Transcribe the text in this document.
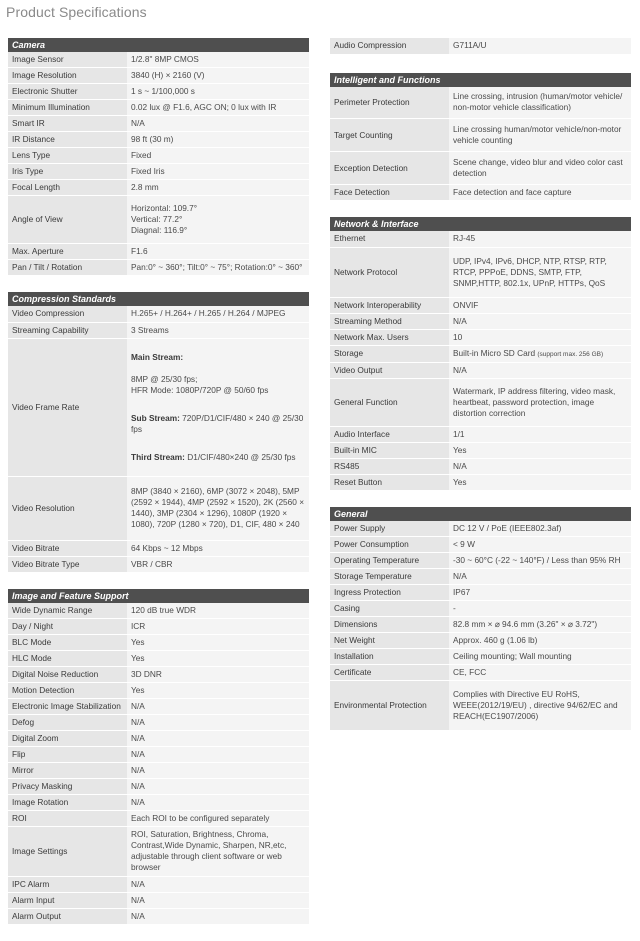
Product Specifications
Camera
Image Sensor	1/2.8" 8MP CMOS
Image Resolution	3840 (H) × 2160 (V)
Electronic Shutter	1 s ~ 1/100,000 s
Minimum Illumination	0.02 lux @ F1.6, AGC ON; 0 lux with IR
Smart IR	N/A
IR Distance	98 ft (30 m)
Lens Type	Fixed
Iris Type	Fixed Iris
Focal Length	2.8 mm
Angle of View	Horizontal: 109.7°
Vertical: 77.2°
Diagnal: 116.9°
Max. Aperture	F1.6
Pan / Tilt / Rotation	Pan:0° ~ 360°; Tilt:0° ~ 75°; Rotation:0° ~ 360°
Compression Standards
Video Compression	H.265+ / H.264+ / H.265 / H.264 / MJPEG
Streaming Capability	3 Streams
Video Frame Rate	Main Stream:

8MP @ 25/30 fps;
HFR Mode: 1080P/720P @ 50/60 fps

Sub Stream: 720P/D1/CIF/480 × 240 @ 25/30 fps

Third Stream: D1/CIF/480×240 @ 25/30 fps

Video Resolution	8MP (3840 × 2160), 6MP (3072 × 2048), 5MP (2592 × 1944), 4MP (2592 × 1520), 2K (2560 × 1440), 3MP (2304 × 1296), 1080P (1920 × 1080), 720P (1280 × 720), D1, CIF, 480 × 240
Video Bitrate	64 Kbps ~ 12 Mbps
Video Bitrate Type	VBR / CBR
Image and Feature Support
Wide Dynamic Range	120 dB true WDR
Day / Night	ICR
BLC Mode	Yes
HLC Mode	Yes
Digital Noise Reduction	3D DNR
Motion Detection	Yes
Electronic Image Stabilization	N/A
Defog	N/A
Digital Zoom	N/A
Flip	N/A
Mirror	N/A
Privacy Masking	N/A
Image Rotation	N/A
ROI	Each ROI to be configured separately
Image Settings	ROI, Saturation, Brightness, Chroma, Contrast,Wide Dynamic, Sharpen, NR,etc, adjustable through client software or web browser
IPC Alarm	N/A
Alarm Input	N/A
Alarm Output	N/A
Audio Compression	G711A/U
Intelligent and Functions
Perimeter Protection	Line crossing, intrusion (human/motor vehicle/ non-motor vehicle classification)
Target Counting	Line crossing human/motor vehicle/non-motor vehicle counting
Exception Detection	Scene change, video blur and video color cast detection
Face Detection	Face detection and face capture
Network & Interface
Ethernet	RJ-45
Network Protocol	UDP, IPv4, IPv6, DHCP, NTP, RTSP, RTP, RTCP, PPPoE, DDNS, SMTP, FTP, SNMP,HTTP, 802.1x, UPnP, HTTPs, QoS
Network Interoperability	ONVIF
Streaming Method	N/A
Network Max. Users	10
Storage	Built-in Micro SD Card (support max. 256 GB)
Video Output	N/A
General Function	Watermark, IP address filtering, video mask, heartbeat, password protection, image distortion correction
Audio Interface	1/1
Built-in MIC	Yes
RS485	N/A
Reset Button	Yes
General
Power Supply	DC 12 V / PoE (IEEE802.3af)
Power Consumption	< 9 W
Operating Temperature	-30 ~ 60°C (-22 ~ 140°F) / Less than 95% RH
Storage Temperature	N/A
Ingress Protection	IP67
Casing	-
Dimensions	82.8 mm × ⌀ 94.6 mm (3.26" × ⌀ 3.72")
Net Weight	Approx. 460 g (1.06 lb)
Installation	Ceiling mounting; Wall mounting
Certificate	CE, FCC
Environmental Protection	Complies with Directive EU RoHS, WEEE(2012/19/EU) , directive 94/62/EC and REACH(EC1907/2006)
